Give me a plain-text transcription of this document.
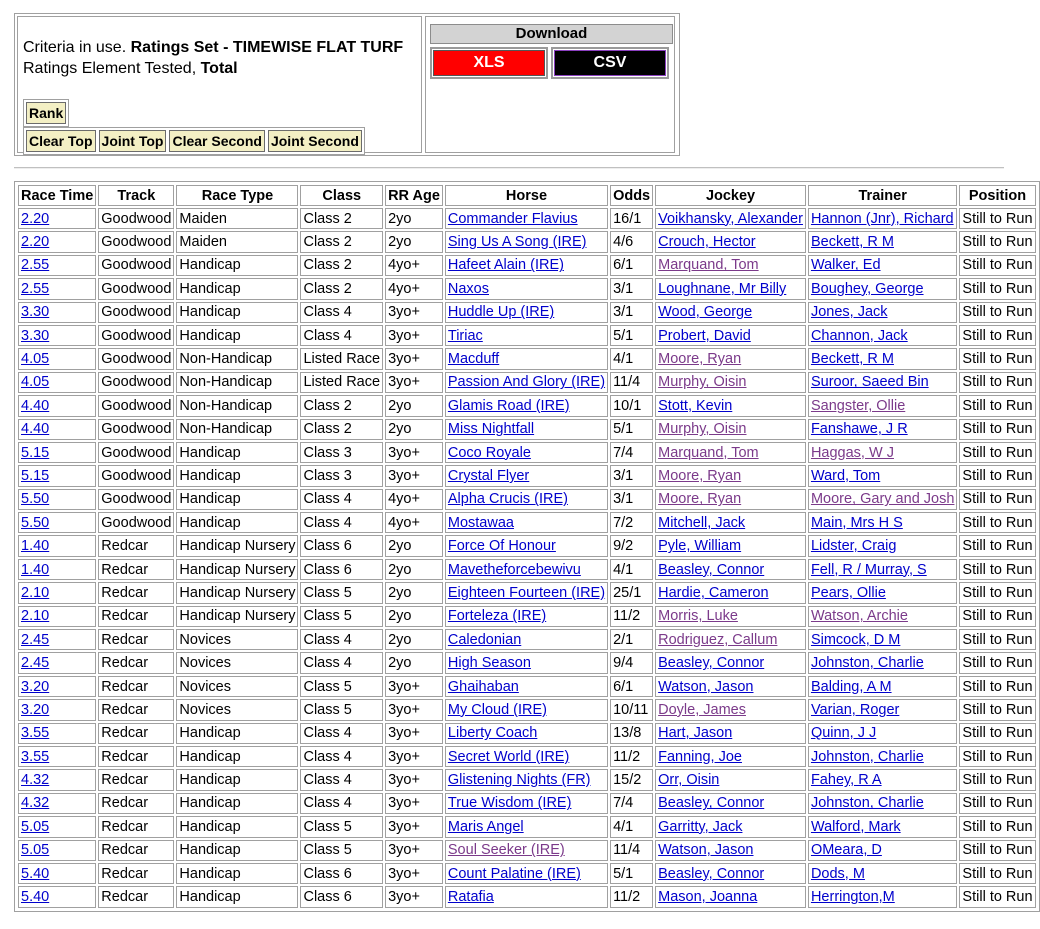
Criteria in use. Ratings Set - TIMEWISE FLAT TURF
Ratings Element Tested, Total
Rank
Clear Top Joint Top Clear Second Joint Second
Download
XLS	CSV
Race Time	Track	Race Type	Class	RR Age	Horse	Odds	Jockey	Trainer	Position
2.20	Goodwood	Maiden	Class 2	2yo	Commander Flavius	16/1	Voikhansky, Alexander	Hannon (Jnr), Richard	Still to Run
2.20	Goodwood	Maiden	Class 2	2yo	Sing Us A Song (IRE)	4/6	Crouch, Hector	Beckett, R M	Still to Run
2.55	Goodwood	Handicap	Class 2	4yo+	Hafeet Alain (IRE)	6/1	Marquand, Tom	Walker, Ed	Still to Run
2.55	Goodwood	Handicap	Class 2	4yo+	Naxos	3/1	Loughnane, Mr Billy	Boughey, George	Still to Run
3.30	Goodwood	Handicap	Class 4	3yo+	Huddle Up (IRE)	3/1	Wood, George	Jones, Jack	Still to Run
3.30	Goodwood	Handicap	Class 4	3yo+	Tiriac	5/1	Probert, David	Channon, Jack	Still to Run
4.05	Goodwood	Non-Handicap	Listed Race	3yo+	Macduff	4/1	Moore, Ryan	Beckett, R M	Still to Run
4.05	Goodwood	Non-Handicap	Listed Race	3yo+	Passion And Glory (IRE)	11/4	Murphy, Oisin	Suroor, Saeed Bin	Still to Run
4.40	Goodwood	Non-Handicap	Class 2	2yo	Glamis Road (IRE)	10/1	Stott, Kevin	Sangster, Ollie	Still to Run
4.40	Goodwood	Non-Handicap	Class 2	2yo	Miss Nightfall	5/1	Murphy, Oisin	Fanshawe, J R	Still to Run
5.15	Goodwood	Handicap	Class 3	3yo+	Coco Royale	7/4	Marquand, Tom	Haggas, W J	Still to Run
5.15	Goodwood	Handicap	Class 3	3yo+	Crystal Flyer	3/1	Moore, Ryan	Ward, Tom	Still to Run
5.50	Goodwood	Handicap	Class 4	4yo+	Alpha Crucis (IRE)	3/1	Moore, Ryan	Moore, Gary and Josh	Still to Run
5.50	Goodwood	Handicap	Class 4	4yo+	Mostawaa	7/2	Mitchell, Jack	Main, Mrs H S	Still to Run
1.40	Redcar	Handicap Nursery	Class 6	2yo	Force Of Honour	9/2	Pyle, William	Lidster, Craig	Still to Run
1.40	Redcar	Handicap Nursery	Class 6	2yo	Mavetheforcebewivu	4/1	Beasley, Connor	Fell, R / Murray, S	Still to Run
2.10	Redcar	Handicap Nursery	Class 5	2yo	Eighteen Fourteen (IRE)	25/1	Hardie, Cameron	Pears, Ollie	Still to Run
2.10	Redcar	Handicap Nursery	Class 5	2yo	Forteleza (IRE)	11/2	Morris, Luke	Watson, Archie	Still to Run
2.45	Redcar	Novices	Class 4	2yo	Caledonian	2/1	Rodriguez, Callum	Simcock, D M	Still to Run
2.45	Redcar	Novices	Class 4	2yo	High Season	9/4	Beasley, Connor	Johnston, Charlie	Still to Run
3.20	Redcar	Novices	Class 5	3yo+	Ghaihaban	6/1	Watson, Jason	Balding, A M	Still to Run
3.20	Redcar	Novices	Class 5	3yo+	My Cloud (IRE)	10/11	Doyle, James	Varian, Roger	Still to Run
3.55	Redcar	Handicap	Class 4	3yo+	Liberty Coach	13/8	Hart, Jason	Quinn, J J	Still to Run
3.55	Redcar	Handicap	Class 4	3yo+	Secret World (IRE)	11/2	Fanning, Joe	Johnston, Charlie	Still to Run
4.32	Redcar	Handicap	Class 4	3yo+	Glistening Nights (FR)	15/2	Orr, Oisin	Fahey, R A	Still to Run
4.32	Redcar	Handicap	Class 4	3yo+	True Wisdom (IRE)	7/4	Beasley, Connor	Johnston, Charlie	Still to Run
5.05	Redcar	Handicap	Class 5	3yo+	Maris Angel	4/1	Garritty, Jack	Walford, Mark	Still to Run
5.05	Redcar	Handicap	Class 5	3yo+	Soul Seeker (IRE)	11/4	Watson, Jason	OMeara, D	Still to Run
5.40	Redcar	Handicap	Class 6	3yo+	Count Palatine (IRE)	5/1	Beasley, Connor	Dods, M	Still to Run
5.40	Redcar	Handicap	Class 6	3yo+	Ratafia	11/2	Mason, Joanna	Herrington,M	Still to Run
